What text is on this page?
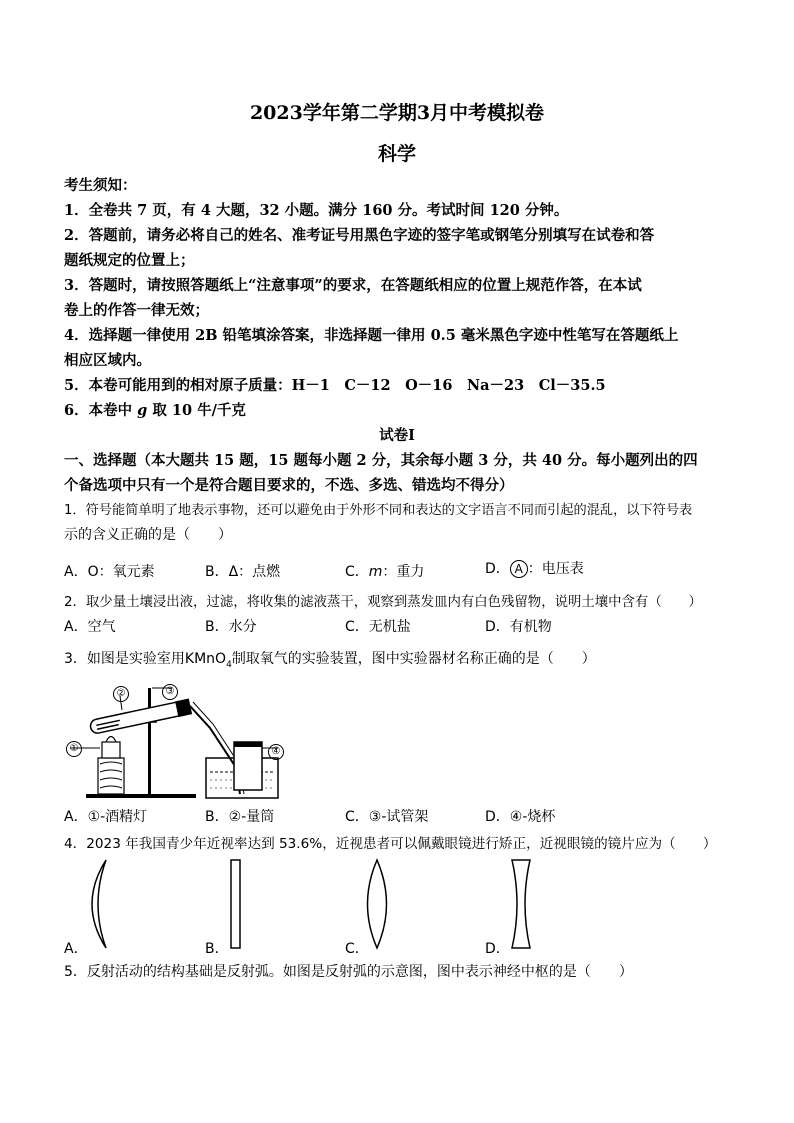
2023学年第二学期3月中考模拟卷
科学
考生须知：
1．全卷共 7 页，有 4 大题，32 小题。满分 160 分。考试时间 120 分钟。
2．答题前，请务必将自己的姓名、准考证号用黑色字迹的签字笔或钢笔分别填写在试卷和答
题纸规定的位置上；
3．答题时，请按照答题纸上“注意事项”的要求，在答题纸相应的位置上规范作答，在本试
卷上的作答一律无效；
4．选择题一律使用 2B 铅笔填涂答案，非选择题一律用 0.5 毫米黑色字迹中性笔写在答题纸上
相应区域内。
5．本卷可能用到的相对原子质量：H－1　C－12　O－16　Na－23　Cl－35.5
6．本卷中 g 取 10 牛/千克
试卷Ⅰ
一、选择题（本大题共 15 题，15 题每小题 2 分，其余每小题 3 分，共 40 分。每小题列出的四
个备选项中只有一个是符合题目要求的，不选、多选、错选均不得分）
1．符号能简单明了地表示事物，还可以避免由于外形不同和表达的文字语言不同而引起的混乱，以下符号表
示的含义正确的是（　　）
A．O：氧元素	B．Δ：点燃	C．m：重力	D． A ：电压表
2．取少量土壤浸出液，过滤，将收集的滤液蒸干，观察到蒸发皿内有白色残留物，说明土壤中含有（　　）
A．空气	B．水分	C．无机盐	D．有机物
3．如图是实验室用KMnO$_4$制取氧气的实验装置，图中实验器材名称正确的是（　　）
①
②	③
④
A．①-酒精灯	B．②-量筒	C．③-试管架	D．④-烧杯
4．2023 年我国青少年近视率达到 53.6%，近视患者可以佩戴眼镜进行矫正，近视眼镜的镜片应为（　　）
A．	B．	C．	D．
5．反射活动的结构基础是反射弧。如图是反射弧的示意图，图中表示神经中枢的是（　　）
